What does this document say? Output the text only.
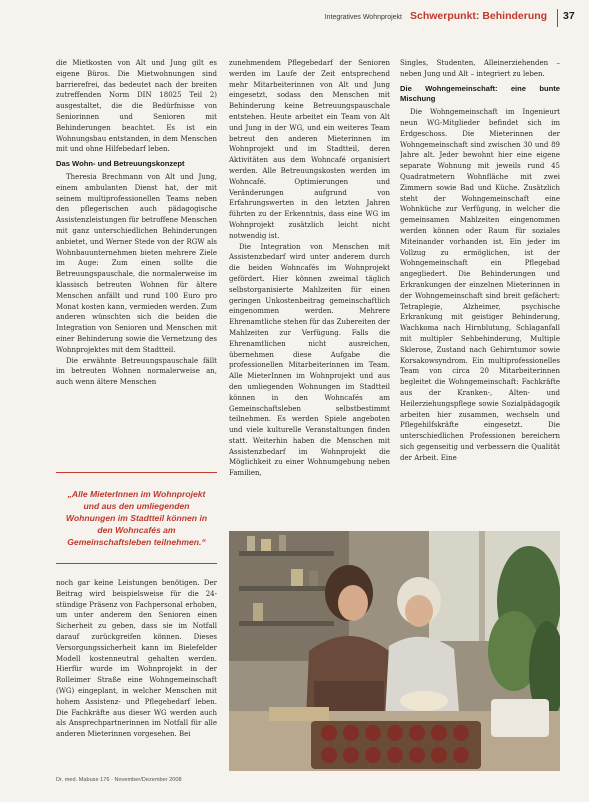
Integratives Wohnprojekt Schwerpunkt: Behinderung 37

die Mietkosten von Alt und Jung gilt es eigene Büros. Die Mietwohnungen sind barrierefrei, das bedeutet nach der breiten zutreffenden Norm DIN 18025 Teil 2) ausgestaltet, die die Bedürfnisse von Seniorinnen und Senioren mit Behinderungen beachtet. Es ist ein Wohnungsbau entstanden, in dem Menschen mit und ohne Hilfebedarf leben.

Das Wohn- und Betreuungskonzept

Theresia Brechmann von Alt und Jung, einem ambulanten Dienst hat, der mit seinem multiprofessionellen Teams neben den pflegerischen auch pädagogische Assistenzleistungen für betroffene Menschen mit ganz unterschiedlichen Behinderungen anbietet, und Werner Stede von der RGW als Wohnbauunternehmen bieten mehrere Ziele im Auge: Zum einen sollte die Betreuungspauschale, die normalerweise im klassisch betreuten Wohnen für ältere Menschen anfällt und rund 100 Euro pro Monat kosten kann, vermieden werden. Zum anderen wünschten sich die beiden die Integration von Senioren und Menschen mit einer Behinderung sowie die Vernetzung des Wohnprojektes mit dem Stadtteil.

Die erwähnte Betreuungspauschale fällt im betreuten Wohnen normalerweise an, auch wenn ältere Menschen

„Alle MieterInnen im Wohnprojekt und aus den umliegenden Wohnungen im Stadtteil können in den Wohncafés am Gemeinschaftsleben teilnehmen.“

noch gar keine Leistungen benötigen. Der Beitrag wird beispielsweise für die 24-stündige Präsenz von Fachpersonal erhoben, um unter anderem den Senioren einen Sicherheit zu geben, dass sie im Notfall darauf zurückgreifen können. Dieses Versorgungssicherheit kann im Bielefelder Modell kostenneutral gehalten werden. Hierfür wurde im Wohnprojekt in der Rolleimer Straße eine Wohngemeinschaft (WG) eingeplant, in welcher Menschen mit hohem Assistenz- und Pflegebedarf leben. Die Fachkräfte aus dieser WG werden auch als Ansprechpartnerinnen im Notfall für alle anderen Mieterinnen vorgesehen. Bei

zunehmendem Pflegebedarf der Senioren werden im Laufe der Zeit entsprechend mehr Mitarbeiterinnen von Alt und Jung eingesetzt, sodass den Menschen mit Behinderung keine Betreuungspauschale entstehen. Heute arbeitet ein Team von Alt und Jung in der WG, und ein weiteres Team betreut den anderen Mieterinnen im Wohnprojekt und im Stadtteil, deren Aktivitäten aus dem Wohncafé organisiert werden. Alle Betreuungskosten werden im Wohncafé. Optimierungen und Veränderungen aufgrund von Erfahrungswerten in den letzten Jahren führten zu der Erkenntnis, dass eine WG im Wohnprojekt zusätzlich leicht nicht notwendig ist.

Die Integration von Menschen mit Assistenzbedarf wird unter anderem durch die beiden Wohncafés im Wohnprojekt gefördert. Hier können zweimal täglich selbstorganisierte Mahlzeiten für einen geringen Unkostenbeitrag gemeinschaftlich eingenommen werden. Mehrere Ehrenamtliche stehen für das Zubereiten der Mahlzeiten zur Verfügung. Falls die Ehrenamtlichen nicht ausreichen, übernehmen diese Aufgabe die professionellen Mitarbeiterinnen im Team. Alle MieterInnen im Wohnprojekt und aus den umliegenden Wohnungen im Stadtteil können in den Wohncafés am Gemeinschaftsleben selbstbestimmt teilnehmen. Es werden Spiele angeboten und viele kulturelle Veranstaltungen finden statt. Weiterhin haben die Menschen mit Assistenzbedarf im Wohnprojekt die Möglichkeit zu einer Wohnumgebung neben Familien,

Singles, Studenten, Alleinerziehenden – neben Jung und Alt – integriert zu leben.

Die Wohngemeinschaft: eine bunte Mischung

Die Wohngemeinschaft im Ingenieurt neun WG-Mitglieder befindet sich im Erdgeschoss. Die Mieterinnen der Wohngemeinschaft sind zwischen 30 und 89 Jahre alt. Jeder bewohnt hier eine eigene separate Wohnung mit jeweils rund 45 Quadratmetern Wohnfläche mit zwei Zimmern sowie Bad und Küche. Zusätzlich steht der Wohngemeinschaft eine Wohnküche zur Verfügung, in welcher die gemeinsamen Mahlzeiten eingenommen werden können oder Raum für soziales Miteinander vorhanden ist. Ein jeder im Vollzug zu ermöglichen, ist der Wohngemeinschaft ein Pflegebad angegliedert. Die Behinderungen und Erkrankungen der einzelnen Mieterinnen in der Wohngemeinschaft sind breit gefächert: Tetraplegie, Alzheimer, psychische Erkrankung mit geistiger Behinderung, Wachkoma nach Hirnblutung, Schlaganfall mit multipler Sehbehinderung, Multiple Sklerose, Zustand nach Gehirntumor sowie Korsakowsyndrom. Ein multiprofessionelles Team von circa 20 Mitarbeiterinnen begleitet die Wohngemeinschaft: Fachkräfte aus der Kranken-, Alten- und Heilerziehungspflege sowie Sozialpädagogik arbeiten hier zusammen, wechseln und Pflegehilfskräfte eingesetzt. Die unterschiedlichen Professionen bereichern sich gegenseitig und verbessern die Qualität der Arbeit. Eine

Dr. med. Mabuse 176 · November/Dezember 2008
